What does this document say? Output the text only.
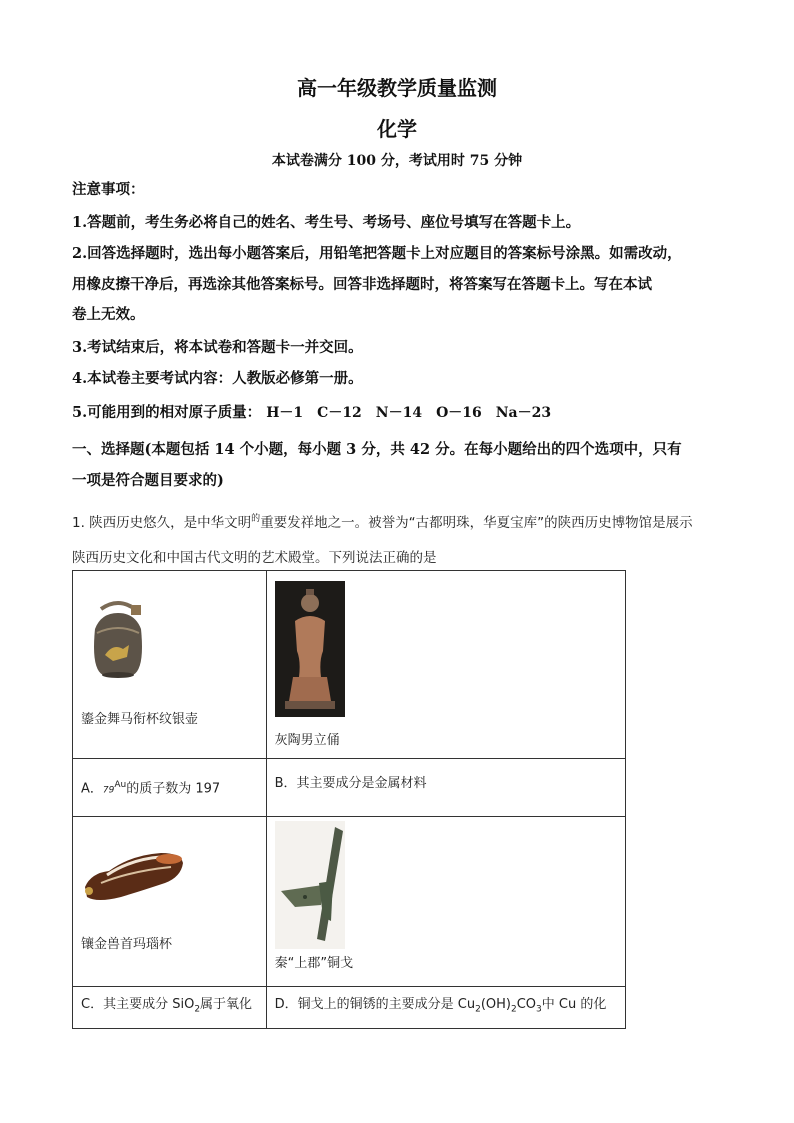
高一年级教学质量监测
化学
本试卷满分 100 分，考试用时 75 分钟
注意事项：
1.答题前，考生务必将自己的姓名、考生号、考场号、座位号填写在答题卡上。
2.回答选择题时，选出每小题答案后，用铅笔把答题卡上对应题目的答案标号涂黑。如需改动，
用橡皮擦干净后，再选涂其他答案标号。回答非选择题时，将答案写在答题卡上。写在本试
卷上无效。
3.考试结束后，将本试卷和答题卡一并交回。
4.本试卷主要考试内容：人教版必修第一册。
5.可能用到的相对原子质量： H－1　C－12　N－14　O－16　Na－23
一、选择题(本题包括 14 个小题，每小题 3 分，共 42 分。在每小题给出的四个选项中，只有
一项是符合题目要求的)
1. 陕西历史悠久，是中华文明$^的$重要发祥地之一。被誉为“古都明珠，华夏宝库”的陕西历史博物馆是展示
陕西历史文化和中国古代文明的艺术殿堂。下列说法正确的是
鎏金舞马衔杯纹银壶	灰陶男立俑

A．$79^{Au}$的质子数为 197	B．其主要成分是金属材料

镶金兽首玛瑙杯	秦“上郡”铜戈

C．其主要成分 SiO$_2$属于氧化	D．铜戈上的铜锈的主要成分是 $Cu_2(OH)_2CO_3$中 Cu 的化
